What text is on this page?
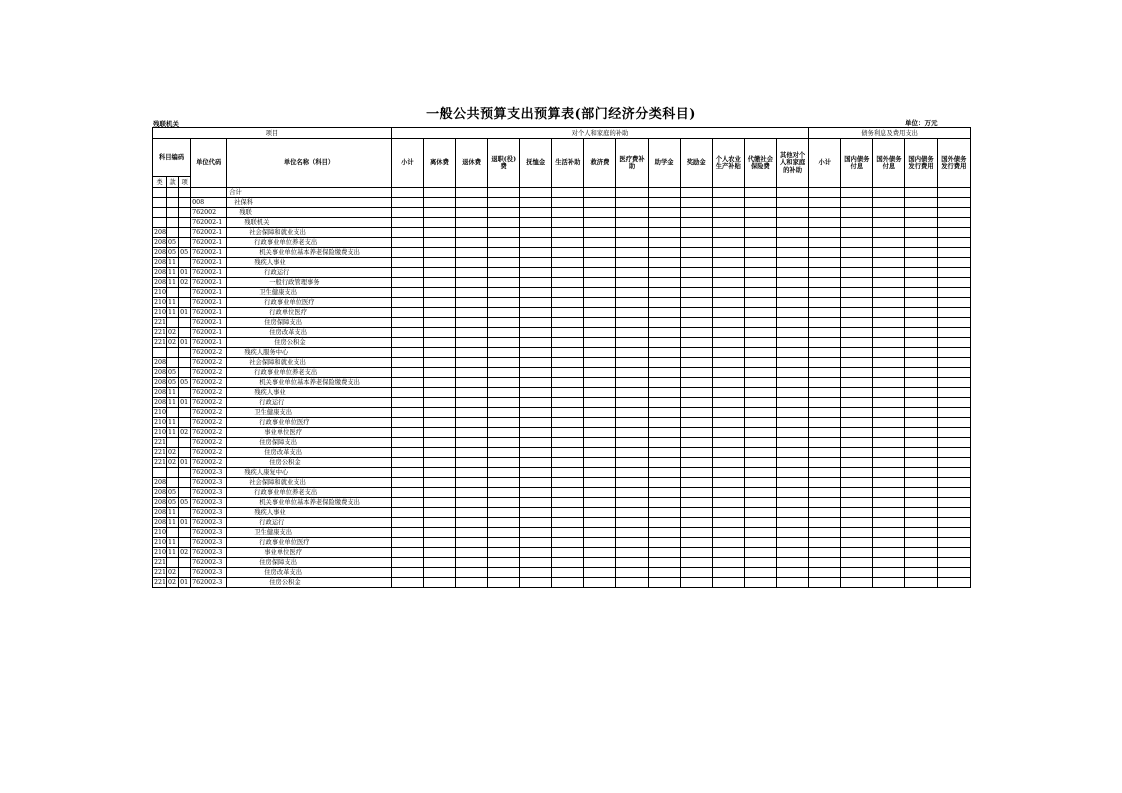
一般公共预算支出预算表(部门经济分类科目)
残联机关	单位：万元
项目					对个人和家庭的补助													债务利息及费用支出				
科目编码			单位代码	单位名称（科目）	小计	离休费	退休费	退职(役)费	抚恤金	生活补助	救济费	医疗费补助	助学金	奖励金	个人农业生产补贴	代缴社会保险费	其他对个人和家庭的补助	小计	国内债务付息	国外债务付息	国内债务发行费用	国外债务发行费用
类	款	项																				
				合计																		
			008	社保科																		
			762002	残联																		
			762002-1	残联机关																		
208			762002-1	社会保障和就业支出																		
208	05		762002-1	行政事业单位养老支出																		
208	05	05	762002-1	机关事业单位基本养老保险缴费支出																		
208	11		762002-1	残疾人事业																		
208	11	01	762002-1	行政运行																		
208	11	02	762002-1	一般行政管理事务																		
210			762002-1	卫生健康支出																		
210	11		762002-1	行政事业单位医疗																		
210	11	01	762002-1	行政单位医疗																		
221			762002-1	住房保障支出																		
221	02		762002-1	住房改革支出																		
221	02	01	762002-1	住房公积金																		
			762002-2	残疾人服务中心																		
208			762002-2	社会保障和就业支出																		
208	05		762002-2	行政事业单位养老支出																		
208	05	05	762002-2	机关事业单位基本养老保险缴费支出																		
208	11		762002-2	残疾人事业																		
208	11	01	762002-2	行政运行																		
210			762002-2	卫生健康支出																		
210	11		762002-2	行政事业单位医疗																		
210	11	02	762002-2	事业单位医疗																		
221			762002-2	住房保障支出																		
221	02		762002-2	住房改革支出																		
221	02	01	762002-2	住房公积金																		
			762002-3	残疾人康复中心																		
208			762002-3	社会保障和就业支出																		
208	05		762002-3	行政事业单位养老支出																		
208	05	05	762002-3	机关事业单位基本养老保险缴费支出																		
208	11		762002-3	残疾人事业																		
208	11	01	762002-3	行政运行																		
210			762002-3	卫生健康支出																		
210	11		762002-3	行政事业单位医疗																		
210	11	02	762002-3	事业单位医疗																		
221			762002-3	住房保障支出																		
221	02		762002-3	住房改革支出																		
221	02	01	762002-3	住房公积金																		
